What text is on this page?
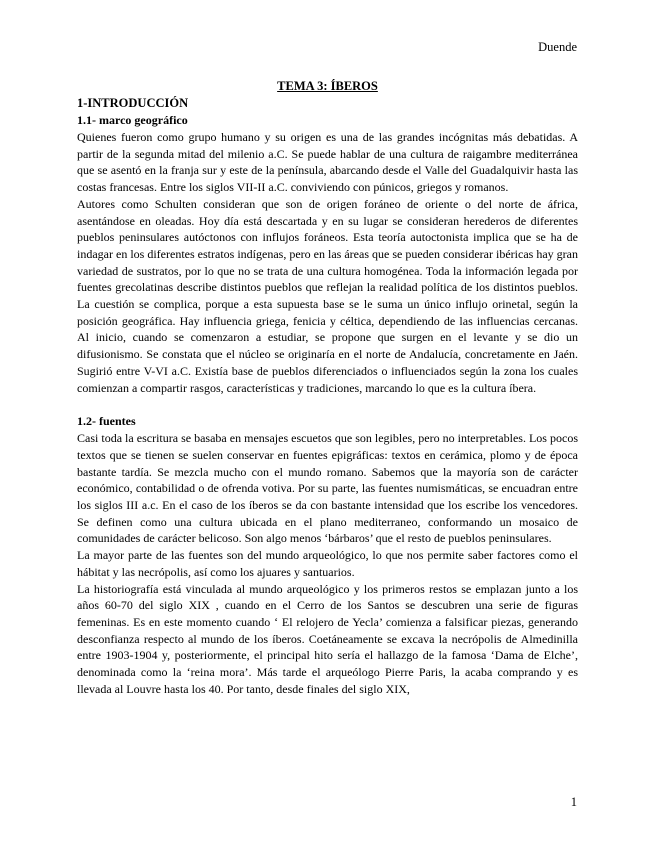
Duende

TEMA 3: ÍBEROS

1-INTRODUCCIÓN

1.1- marco geográfico

Quienes fueron como grupo humano y su origen es una de las grandes incógnitas más debatidas. A partir de la segunda mitad del milenio a.C. Se puede hablar de una cultura de raigambre mediterránea que se asentó en la franja sur y este de la península, abarcando desde el Valle del Guadalquivir hasta las costas francesas. Entre los siglos VII-II a.C. conviviendo con púnicos, griegos y romanos.

Autores como Schulten consideran que son de origen foráneo de oriente o del norte de áfrica, asentándose en oleadas. Hoy día está descartada y en su lugar se consideran herederos de diferentes pueblos peninsulares autóctonos con influjos foráneos. Esta teoría autoctonista implica que se ha de indagar en los diferentes estratos indígenas, pero en las áreas que se pueden considerar ibéricas hay gran variedad de sustratos, por lo que no se trata de una cultura homogénea. Toda la información legada por fuentes grecolatinas describe distintos pueblos que reflejan la realidad política de los distintos pueblos. La cuestión se complica, porque a esta supuesta base se le suma un único influjo orinetal, según la posición geográfica. Hay influencia griega, fenicia y céltica, dependiendo de las influencias cercanas. Al inicio, cuando se comenzaron a estudiar, se propone que surgen en el levante y se dio un difusionismo. Se constata que el núcleo se originaría en el norte de Andalucía, concretamente en Jaén. Sugirió entre V-VI a.C. Existía base de pueblos diferenciados o influenciados según la zona los cuales comienzan a compartir rasgos, características y tradiciones, marcando lo que es la cultura íbera.

1.2- fuentes

Casi toda la escritura se basaba en mensajes escuetos que son legibles, pero no interpretables. Los pocos textos que se tienen se suelen conservar en fuentes epigráficas: textos en cerámica, plomo y de época bastante tardía. Se mezcla mucho con el mundo romano. Sabemos que la mayoría son de carácter económico, contabilidad o de ofrenda votiva. Por su parte, las fuentes numismáticas, se encuadran entre los siglos III a.c. En el caso de los íberos se da con bastante intensidad que los escribe los vencedores. Se definen como una cultura ubicada en el plano mediterraneo, conformando un mosaico de comunidades de carácter belicoso. Son algo menos ‘bárbaros’ que el resto de pueblos peninsulares.

La mayor parte de las fuentes son del mundo arqueológico, lo que nos permite saber factores como el hábitat y las necrópolis, así como los ajuares y santuarios.

La historiografía está vinculada al mundo arqueológico y los primeros restos se emplazan junto a los años 60-70 del siglo XIX , cuando en el Cerro de los Santos se descubren una serie de figuras femeninas. Es en este momento cuando ‘ El relojero de Yecla’ comienza a falsificar piezas, generando desconfianza respecto al mundo de los íberos. Coetáneamente se excava la necrópolis de Almedinilla entre 1903-1904 y, posteriormente, el principal hito sería el hallazgo de la famosa ‘Dama de Elche’, denominada como la ‘reina mora’. Más tarde el arqueólogo Pierre Paris, la acaba comprando y es llevada al Louvre hasta los 40. Por tanto, desde finales del siglo XIX,

1
